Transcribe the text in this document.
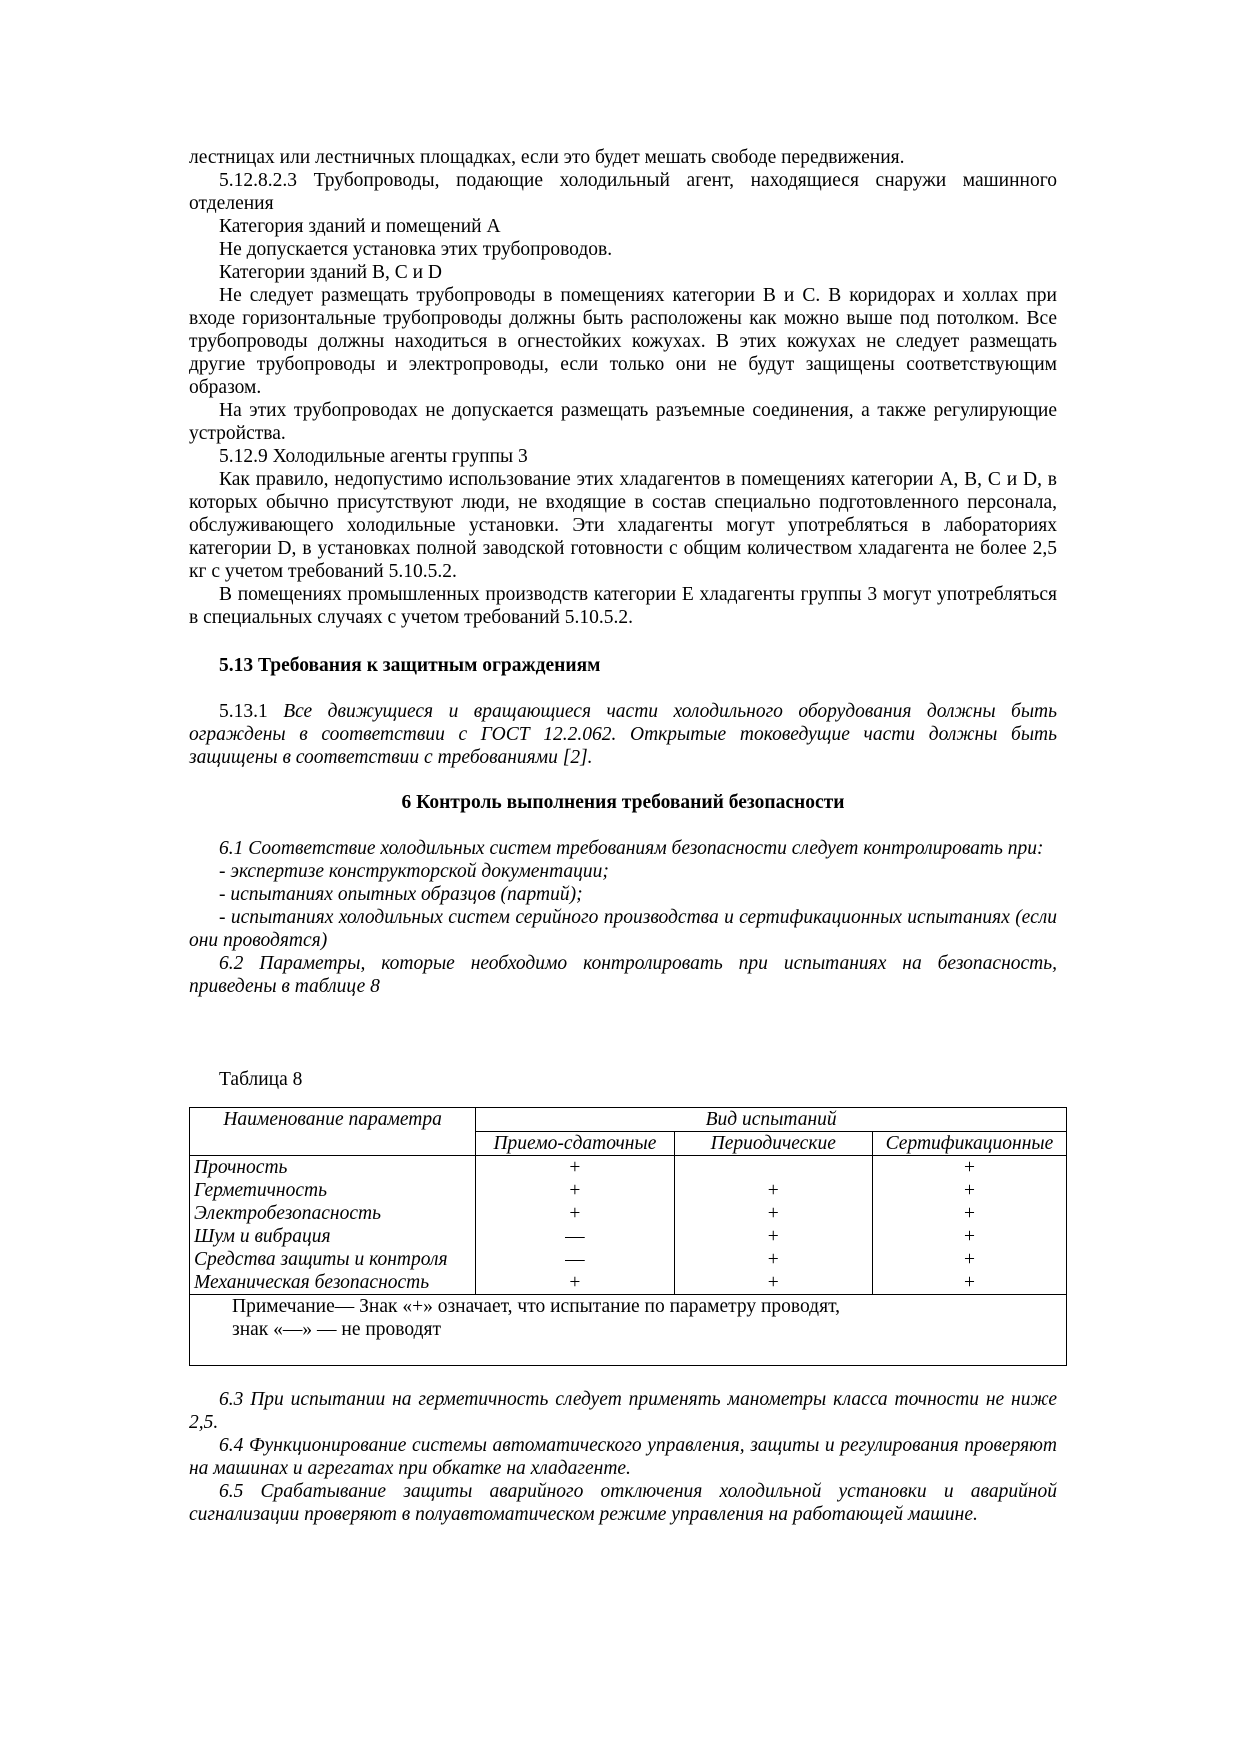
лестницах или лестничных площадках, если это будет мешать свободе передвижения.

5.12.8.2.3 Трубопроводы, подающие холодильный агент, находящиеся снаружи машинного отделения

Категория зданий и помещений А

Не допускается установка этих трубопроводов.

Категории зданий В, С и D

Не следует размещать трубопроводы в помещениях категории В и С. В коридорах и холлах при входе горизонтальные трубопроводы должны быть расположены как можно выше под потолком. Все трубопроводы должны находиться в огнестойких кожухах. В этих кожухах не следует размещать другие трубопроводы и электропроводы, если только они не будут защищены соответствующим образом.

На этих трубопроводах не допускается размещать разъемные соединения, а также регулирующие устройства.

5.12.9 Холодильные агенты группы 3

Как правило, недопустимо использование этих хладагентов в помещениях категории А, В, С и D, в которых обычно присутствуют люди, не входящие в состав специально подготовленного персонала, обслуживающего холодильные установки. Эти хладагенты могут употребляться в лабораториях категории D, в установках полной заводской готовности с общим количеством хладагента не более 2,5 кг с учетом требований 5.10.5.2.

В помещениях промышленных производств категории Е хладагенты группы 3 могут употребляться в специальных случаях с учетом требований 5.10.5.2.

5.13 Требования к защитным ограждениям

5.13.1 Все движущиеся и вращающиеся части холодильного оборудования должны быть ограждены в соответствии с ГОСТ 12.2.062. Открытые токоведущие части должны быть защищены в соответствии с требованиями [2].

6 Контроль выполнения требований безопасности

6.1 Соответствие холодильных систем требованиям безопасности следует контролировать при:

- экспертизе конструкторской документации;

- испытаниях опытных образцов (партий);

- испытаниях холодильных систем серийного производства и сертификационных испытаниях (если они проводятся)

6.2 Параметры, которые необходимо контролировать при испытаниях на безопасность, приведены в таблице 8

Таблица 8

Наименование параметра	Вид испытаний		
	Приемо-сдаточные	Периодические	Сертификационные
Прочность	+		+
Герметичность	+	+	+
Электробезопасность	+	+	+
Шум и вибрация	—	+	+
Средства защиты и контроля	—	+	+
Механическая безопасность	+	+	+

Примечание— Знак «+» означает, что испытание по параметру проводят,
знак «—» — не проводят			

6.3 При испытании на герметичность следует применять манометры класса точности не ниже 2,5.

6.4 Функционирование системы автоматического управления, защиты и регулирования проверяют на машинах и агрегатах при обкатке на хладагенте.

6.5 Срабатывание защиты аварийного отключения холодильной установки и аварийной сигнализации проверяют в полуавтоматическом режиме управления на работающей машине.
